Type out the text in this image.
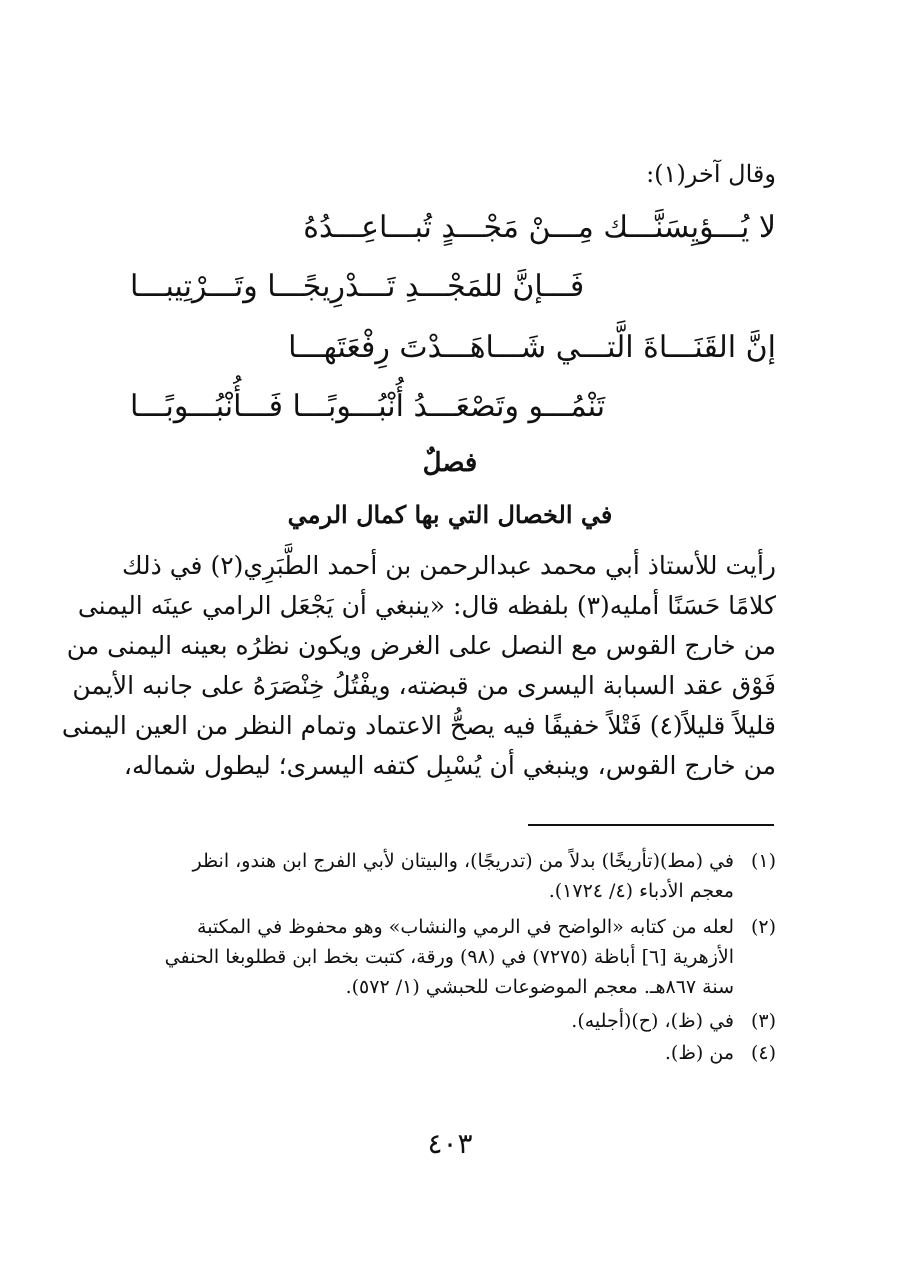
وقال آخر(١):
لا يُـــؤيِسَنَّـــك مِـــنْ مَجْـــدٍ تُبـــاعِـــدُهُ
فَـــإنَّ للمَجْـــدِ تَـــدْرِيجًـــا وتَـــرْتِيبـــا
إنَّ القَنَـــاةَ الَّتـــي شَـــاهَـــدْتَ رِفْعَتَهـــا
تَنْمُـــو وتَصْعَـــدُ أُنْبُـــوبًـــا فَـــأُنْبُـــوبًـــا
فصلٌ
في الخصال التي بها كمال الرمي
رأيت للأستاذ أبي محمد عبدالرحمن بن أحمد الطَّبَرِي(٢) في ذلك
كلامًا حَسَنًا أمليه(٣) بلفظه قال: «ينبغي أن يَجْعَل الرامي عينَه اليمنى
من خارج القوس مع النصل على الغرض ويكون نظرُه بعينه اليمنى من
فَوْق عقد السبابة اليسرى من قبضته، ويفْتُلُ خِنْصَرَهُ على جانبه الأيمن
قليلاً قليلاً(٤) فَتْلاً خفيفًا فيه يصحُّ الاعتماد وتمام النظر من العين اليمنى
من خارج القوس، وينبغي أن يُسْبِل كتفه اليسرى؛ ليطول شماله،
(١)
في (مط)(تأريخًا) بدلاً من (تدريجًا)، والبيتان لأبي الفرج ابن هندو، انظر
معجم الأدباء (٤/ ١٧٢٤).
(٢)
لعله من كتابه «الواضح في الرمي والنشاب» وهو محفوظ في المكتبة
الأزهرية [٦] أباظة (٧٢٧٥) في (٩٨) ورقة، كتبت بخط ابن قطلوبغا الحنفي
سنة ٨٦٧هـ. معجم الموضوعات للحبشي (١/ ٥٧٢).
(٣)
في (ظ)، (ح)(أجليه).
(٤)
من (ظ).
٤٠٣
